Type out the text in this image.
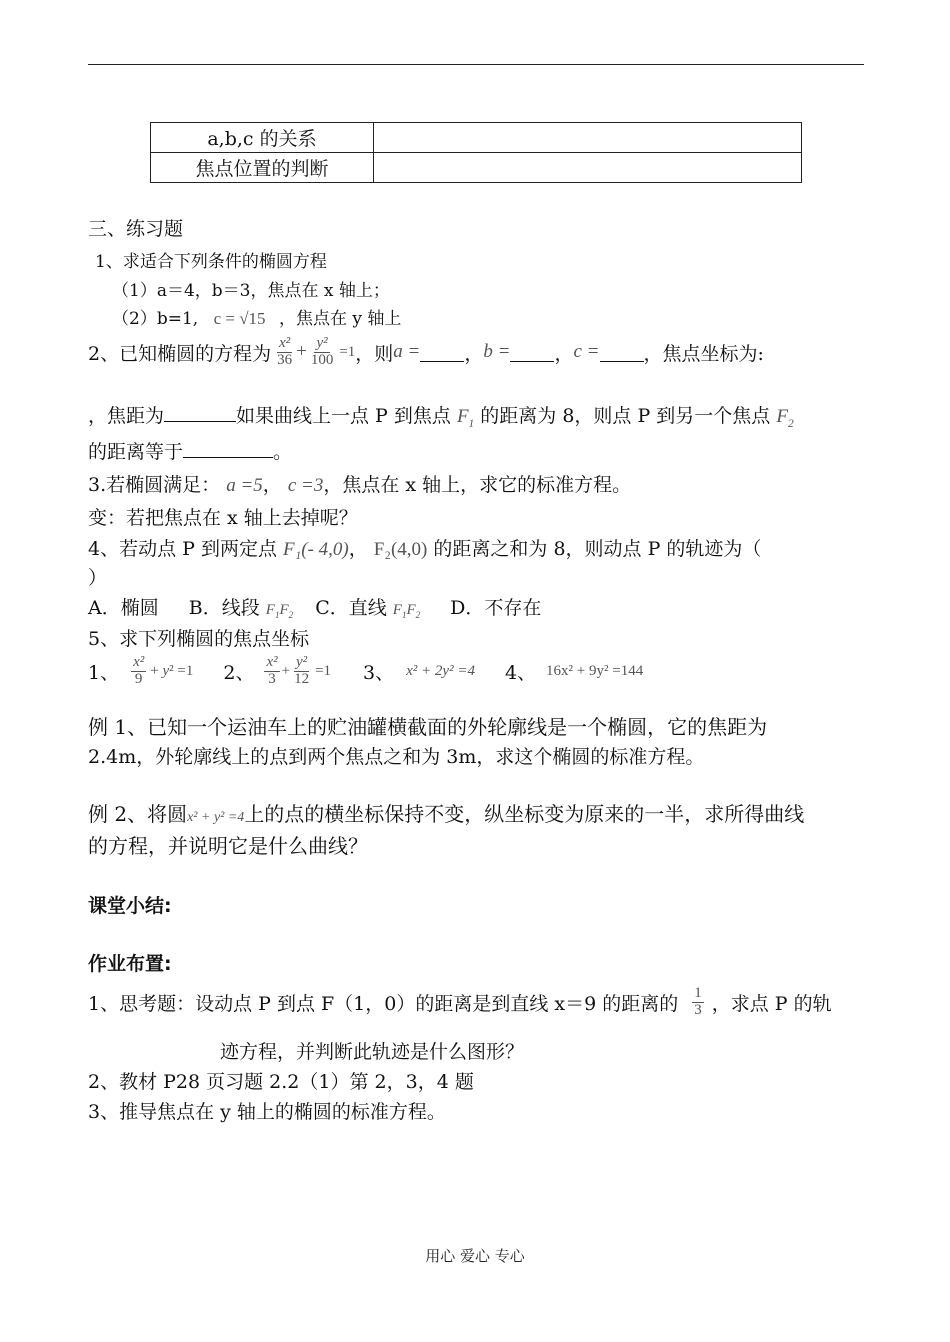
a,b,c 的关系	
焦点位置的判断	
三、练习题
1、求适合下列条件的椭圆方程
（1）a＝4，b＝3，焦点在 x 轴上；
（2）b=1, c = √15 ，焦点在 y 轴上
2、已知椭圆的方程为 $\frac{\text{x²}}{36} + \frac{\text{y²}}{100} =1$ ，则 a = ， b = ， c = ，焦点坐标为:
，焦距为	如果曲线上一点 P 到焦点 $F_1$ 的距离为 8，则点 P 到另一个焦点 $F_2$
的距离等于	。
3.若椭圆满足： a =5， c =3，焦点在 x 轴上，求它的标准方程。
变：若把焦点在 x 轴上去掉呢？
4、若动点 P 到两定点 F₁(- 4,0)， F₂(4,0) 的距离之和为 8，则动点 P 的轨迹为（
）
A．椭圆 B．线段 $F_1F_2$ C．直线 $F_1F_2$ D．不存在
5、求下列椭圆的焦点坐标
1、 $\frac{\text{x²}}{9} + y^2 =1$ 2、 $\frac{\text{x²}}{3} + \frac{\text{y²}}{12} =1$ 3、 x² + 2y² =4 4、 16x² + 9y² =144
例 1、已知一个运油车上的贮油罐横截面的外轮廓线是一个椭圆，它的焦距为
2.4m，外轮廓线上的点到两个焦点之和为 3m，求这个椭圆的标准方程。
例 2、将圆x² + y² =4上的点的横坐标保持不变，纵坐标变为原来的一半，求所得曲线
的方程，并说明它是什么曲线？
课堂小结:
作业布置:
1、思考题：设动点 P 到点 F（1，0）的距离是到直线 x＝9 的距离的 $\frac{1}{3}$ ，求点 P 的轨
迹方程，并判断此轨迹是什么图形？
2、教材 P28 页习题 2.2（1）第 2，3，4 题
3、推导焦点在 y 轴上的椭圆的标准方程。
用心 爱心 专心
